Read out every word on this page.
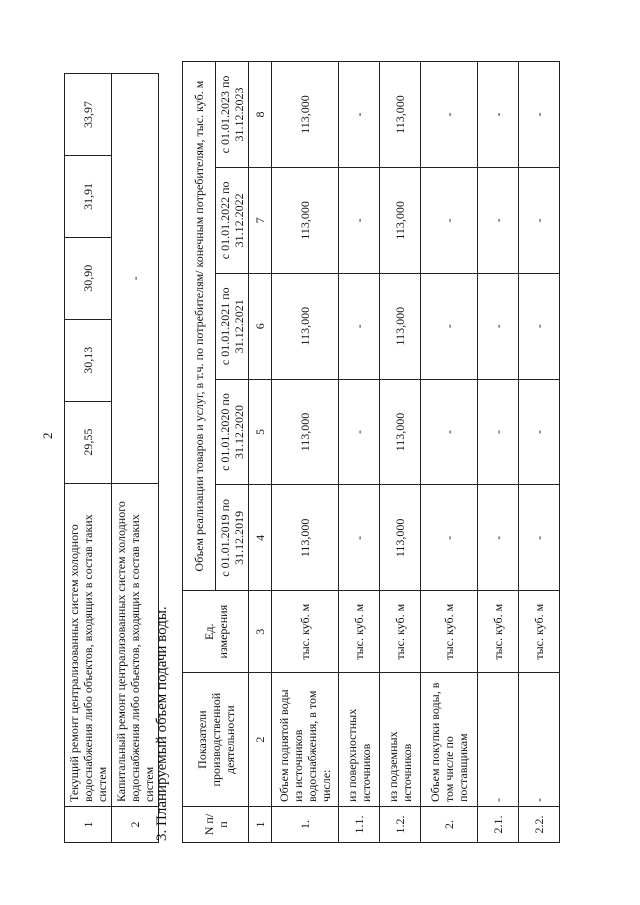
2
1	Текущий ремонт централизованных систем холодного водоснабжения либо объектов, входящих в состав таких систем	29,55	30,13	30,90	31,91	33,97
2	Капитальный ремонт централизованных систем холодного водоснабжения либо объектов, входящих в состав таких систем	-				
3. Планируемый объем подачи воды.	N п/п	Показатели производственной деятельности	Ед. измерения	Объем реализации товаров и услуг, в т.ч. по потребителям/ конечным потребителям, тыс. куб. м				
			с 01.01.2019 по 31.12.2019	с 01.01.2020 по 31.12.2020	с 01.01.2021 по 31.12.2021	с 01.01.2022 по 31.12.2022	с 01.01.2023 по 31.12.2023
1	2	3	4	5	6	7	8
1.	Объем поднятой воды из источников водоснабжения, в том числе:	тыс. куб. м	113,000	113,000	113,000	113,000	113,000
1.1.	из поверхностных источников	тыс. куб. м	-	-	-	-	-
1.2.	из подземных источников	тыс. куб. м	113,000	113,000	113,000	113,000	113,000
2.	Объем покупки воды, в том числе по поставщикам	тыс. куб. м	-	-	-	-	-
2.1.	-	тыс. куб. м	-	-	-	-	-
2.2.	-	тыс. куб. м	-	-	-	-	-
